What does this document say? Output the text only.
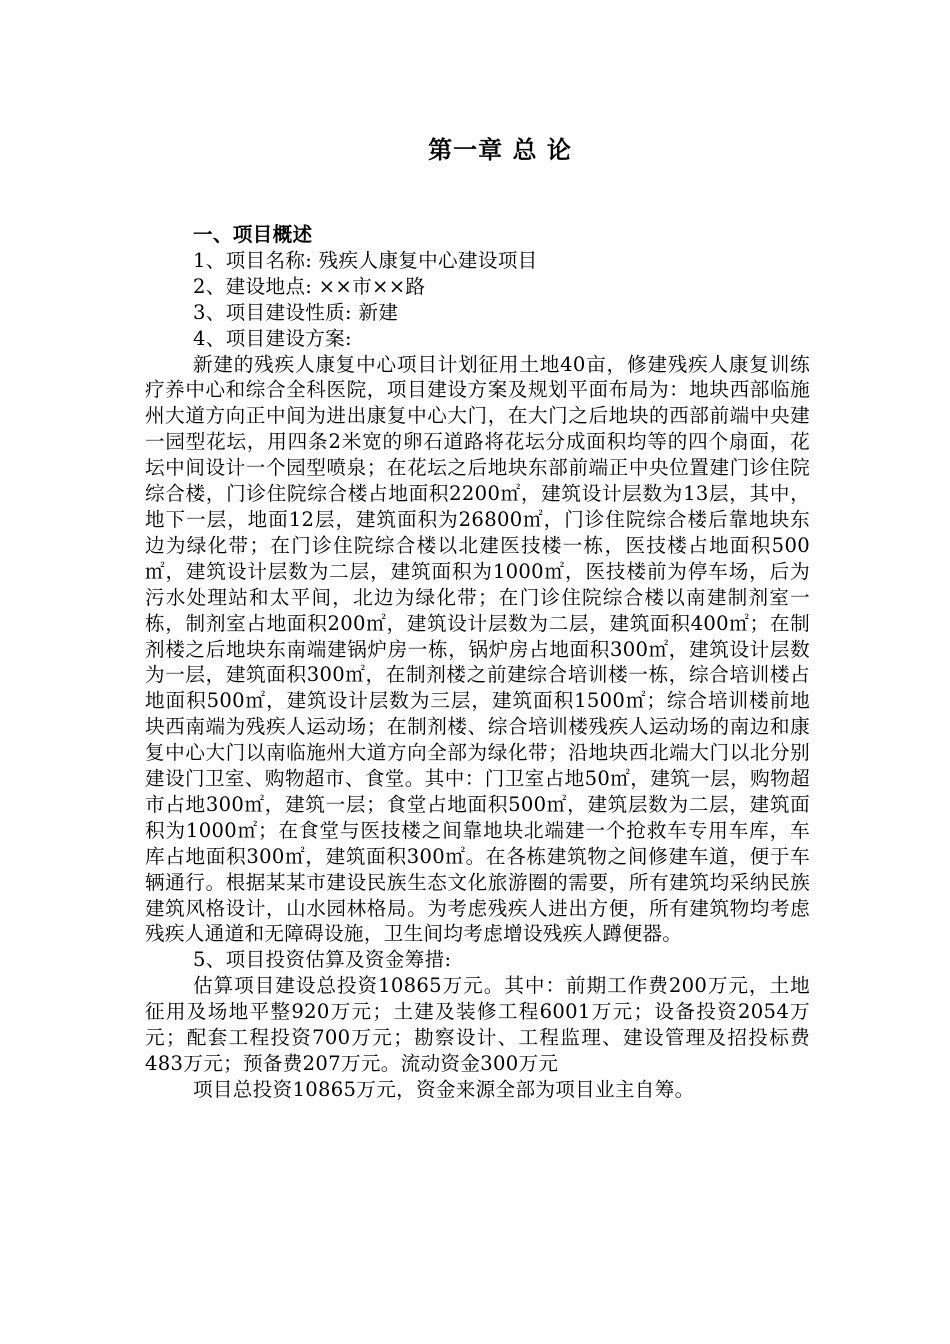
第一章 总 论

一、项目概述

1、项目名称: 残疾人康复中心建设项目

2、建设地点: ××市××路

3、项目建设性质: 新建

4、项目建设方案:

新建的残疾人康复中心项目计划征用土地40亩，修建残疾人康复训练疗养中心和综合全科医院，项目建设方案及规划平面布局为：地块西部临施州大道方向正中间为进出康复中心大门，在大门之后地块的西部前端中央建一园型花坛，用四条2米宽的卵石道路将花坛分成面积均等的四个扇面，花坛中间设计一个园型喷泉；在花坛之后地块东部前端正中央位置建门诊住院综合楼，门诊住院综合楼占地面积2200㎡，建筑设计层数为13层，其中，地下一层，地面12层，建筑面积为26800㎡，门诊住院综合楼后靠地块东边为绿化带；在门诊住院综合楼以北建医技楼一栋，医技楼占地面积500㎡，建筑设计层数为二层，建筑面积为1000㎡，医技楼前为停车场，后为污水处理站和太平间，北边为绿化带；在门诊住院综合楼以南建制剂室一栋，制剂室占地面积200㎡，建筑设计层数为二层，建筑面积400㎡；在制剂楼之后地块东南端建锅炉房一栋，锅炉房占地面积300㎡，建筑设计层数为一层，建筑面积300㎡，在制剂楼之前建综合培训楼一栋，综合培训楼占地面积500㎡，建筑设计层数为三层，建筑面积1500㎡；综合培训楼前地块西南端为残疾人运动场；在制剂楼、综合培训楼残疾人运动场的南边和康复中心大门以南临施州大道方向全部为绿化带；沿地块西北端大门以北分别建设门卫室、购物超市、食堂。其中：门卫室占地50㎡，建筑一层，购物超市占地300㎡，建筑一层；食堂占地面积500㎡，建筑层数为二层，建筑面积为1000㎡；在食堂与医技楼之间靠地块北端建一个抢救车专用车库，车库占地面积300㎡，建筑面积300㎡。在各栋建筑物之间修建车道，便于车辆通行。根据某某市建设民族生态文化旅游圈的需要，所有建筑均采纳民族建筑风格设计，山水园林格局。为考虑残疾人进出方便，所有建筑物均考虑残疾人通道和无障碍设施，卫生间均考虑增设残疾人蹲便器。

5、项目投资估算及资金筹措:

估算项目建设总投资10865万元。其中：前期工作费200万元，土地征用及场地平整920万元；土建及装修工程6001万元；设备投资2054万元；配套工程投资700万元；勘察设计、工程监理、建设管理及招投标费483万元；预备费207万元。流动资金300万元

项目总投资10865万元，资金来源全部为项目业主自筹。
